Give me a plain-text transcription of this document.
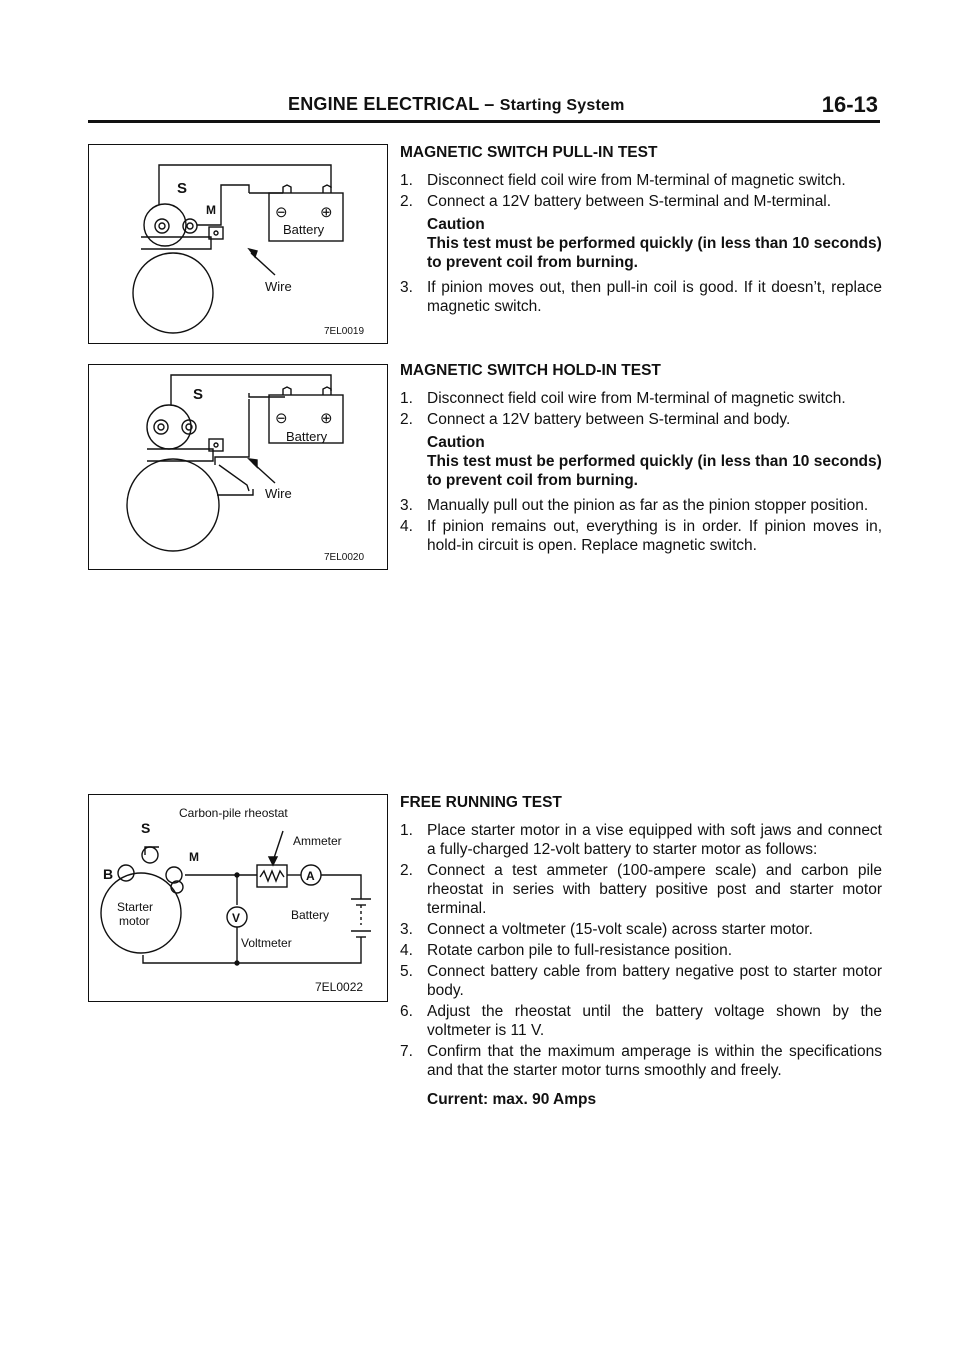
ENGINE ELECTRICAL – Starting System	16-13
S
M	⊖ ⊕
Battery
Wire
7EL0019
S
⊖ ⊕
Battery
Wire
7EL0020
Carbon-pile rheostat
Ammeter
A
S
B
M
Starter
motor	V
Voltmeter
Battery
7EL0022
MAGNETIC SWITCH PULL-IN TEST
1. Disconnect field coil wire from M-terminal of magnetic switch.
2. Connect a 12V battery between S-terminal and M-terminal.
Caution
This test must be performed quickly (in less than 10 seconds) to prevent coil from burning.
3. If pinion moves out, then pull-in coil is good. If it doesn’t, replace magnetic switch.
MAGNETIC SWITCH HOLD-IN TEST
1. Disconnect field coil wire from M-terminal of magnetic switch.
2. Connect a 12V battery between S-terminal and body.
Caution
This test must be performed quickly (in less than 10 seconds) to prevent coil from burning.
3. Manually pull out the pinion as far as the pinion stopper position.
4. If pinion remains out, everything is in order. If pinion moves in, hold-in circuit is open. Replace magnetic switch.
FREE RUNNING TEST
1. Place starter motor in a vise equipped with soft jaws and connect a fully-charged 12-volt battery to starter motor as follows:
2. Connect a test ammeter (100-ampere scale) and carbon pile rheostat in series with battery positive post and starter motor terminal.
3. Connect a voltmeter (15-volt scale) across starter motor.
4. Rotate carbon pile to full-resistance position.
5. Connect battery cable from battery negative post to starter motor body.
6. Adjust the rheostat until the battery voltage shown by the voltmeter is 11 V.
7. Confirm that the maximum amperage is within the specifications and that the starter motor turns smoothly and freely.
Current: max. 90 Amps
